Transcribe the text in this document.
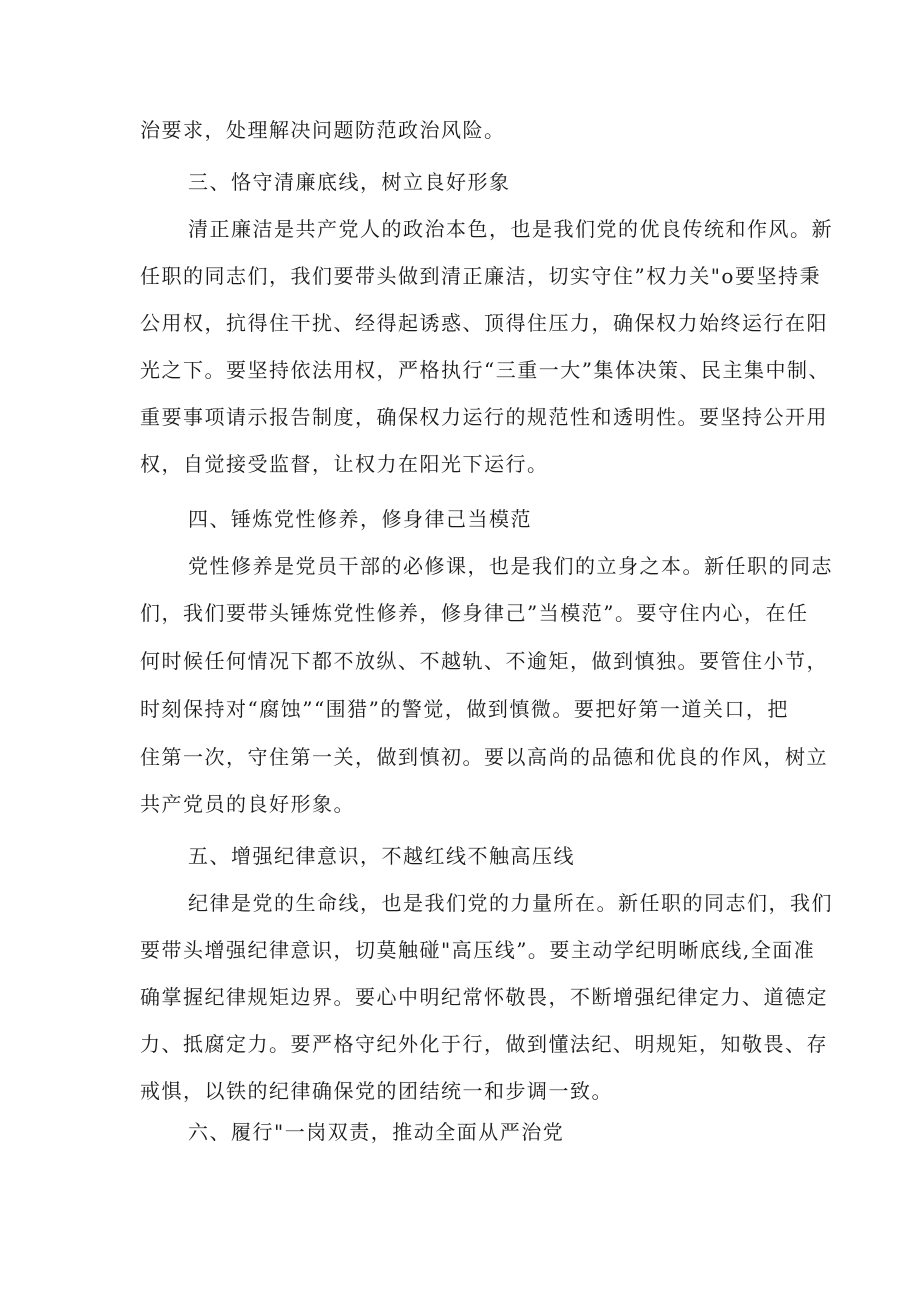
治要求，处理解决问题防范政治风险。
三、恪守清廉底线，树立良好形象
清正廉洁是共产党人的政治本色，也是我们党的优良传统和作风。新
任职的同志们，我们要带头做到清正廉洁，切实守住”权力关"o要坚持秉
公用权，抗得住干扰、经得起诱惑、顶得住压力，确保权力始终运行在阳
光之下。要坚持依法用权，严格执行“三重一大”集体决策、民主集中制、
重要事项请示报告制度，确保权力运行的规范性和透明性。要坚持公开用
权，自觉接受监督，让权力在阳光下运行。
四、锤炼党性修养，修身律己当模范
党性修养是党员干部的必修课，也是我们的立身之本。新任职的同志
们，我们要带头锤炼党性修养，修身律己”当模范”。要守住内心，在任
何时候任何情况下都不放纵、不越轨、不逾矩，做到慎独。要管住小节，
时刻保持对“腐蚀”“围猎”的警觉，做到慎微。要把好第一道关口，把
住第一次，守住第一关，做到慎初。要以高尚的品德和优良的作风，树立
共产党员的良好形象。
五、增强纪律意识，不越红线不触高压线
纪律是党的生命线，也是我们党的力量所在。新任职的同志们，我们
要带头增强纪律意识，切莫触碰"高压线”。要主动学纪明晰底线,全面准
确掌握纪律规矩边界。要心中明纪常怀敬畏，不断增强纪律定力、道德定
力、抵腐定力。要严格守纪外化于行，做到懂法纪、明规矩，知敬畏、存
戒惧，以铁的纪律确保党的团结统一和步调一致。
六、履行"一岗双责，推动全面从严治党
